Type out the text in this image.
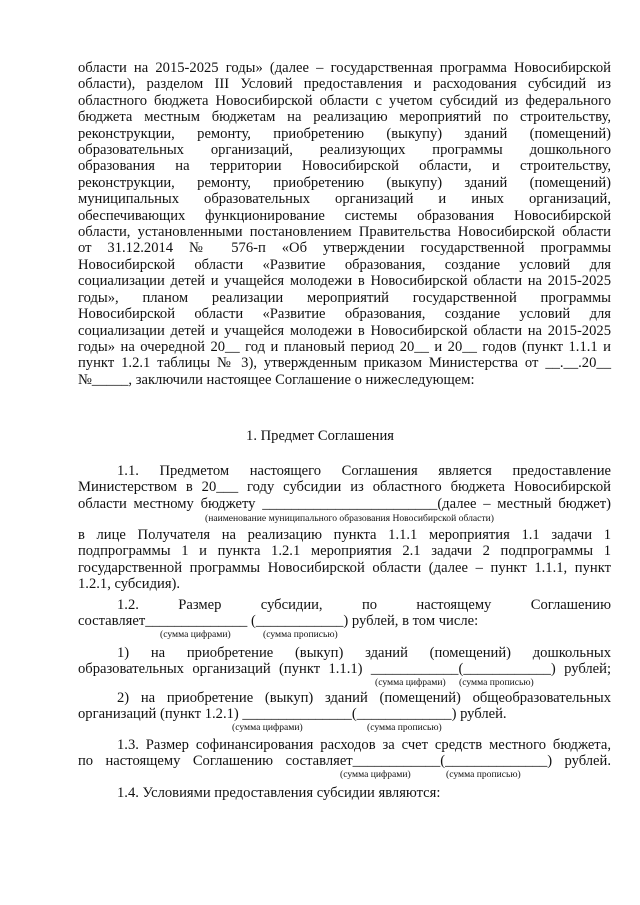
области на 2015-2025 годы» (далее – государственная программа Новосибирской

области), разделом III Условий предоставления и расходования субсидий из

областного бюджета Новосибирской области с учетом субсидий из федерального

бюджета местным бюджетам на реализацию мероприятий по строительству,

реконструкции, ремонту, приобретению (выкупу) зданий (помещений)

образовательных организаций, реализующих программы дошкольного

образования на территории Новосибирской области, и строительству,

реконструкции, ремонту, приобретению (выкупу) зданий (помещений)

муниципальных образовательных организаций и иных организаций,

обеспечивающих функционирование системы образования Новосибирской

области, установленными постановлением Правительства Новосибирской области

от 31.12.2014 № 576-п «Об утверждении государственной программы

Новосибирской области «Развитие образования, создание условий для

социализации детей и учащейся молодежи в Новосибирской области на 2015-2025

годы», планом реализации мероприятий государственной программы

Новосибирской области «Развитие образования, создание условий для

социализации детей и учащейся молодежи в Новосибирской области на 2015-2025

годы» на очередной 20__ год и плановый период 20__ и 20__ годов (пункт 1.1.1 и

пункт 1.2.1 таблицы № 3), утвержденным приказом Министерства от __.__.20__

№_____, заключили настоящее Соглашение о нижеследующем:

1. Предмет Соглашения

1.1. Предметом настоящего Соглашения является предоставление

Министерством в 20___ году субсидии из областного бюджета Новосибирской

области местному бюджету ________________________(далее – местный бюджет)

(наименование муниципального образования Новосибирской области)

в лице Получателя на реализацию пункта 1.1.1 мероприятия 1.1 задачи 1

подпрограммы 1 и пункта 1.2.1 мероприятия 2.1 задачи 2 подпрограммы 1

государственной программы Новосибирской области (далее – пункт 1.1.1, пункт

1.2.1, субсидия).

1.2. Размер субсидии, по настоящему Соглашению

составляет______________ (____________) рублей, в том числе:

(сумма цифрами)	(сумма прописью)

1) на приобретение (выкуп) зданий (помещений) дошкольных

образовательных организаций (пункт 1.1.1) ____________(____________) рублей;

(сумма цифрами) (сумма прописью)

2) на приобретение (выкуп) зданий (помещений) общеобразовательных

организаций (пункт 1.2.1) _______________(_____________) рублей.

(сумма цифрами)	(сумма прописью)

1.3. Размер софинансирования расходов за счет средств местного бюджета,

по настоящему Соглашению составляет____________(______________) рублей.

(сумма цифрами)	(сумма прописью)

1.4. Условиями предоставления субсидии являются:
